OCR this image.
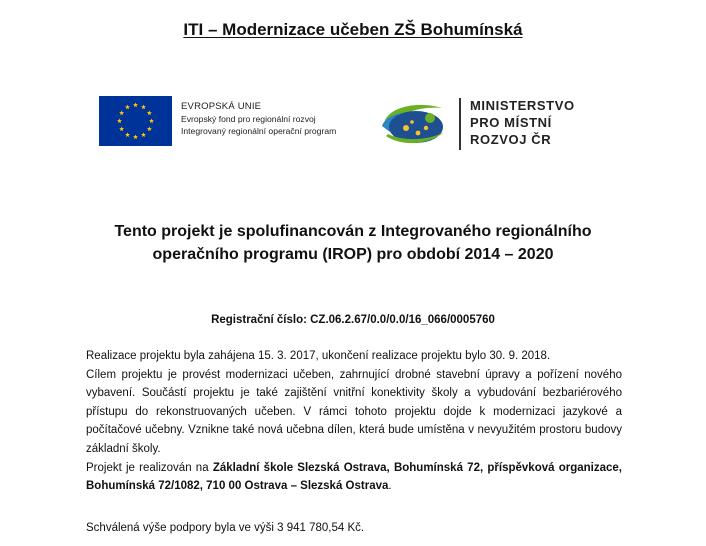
ITI – Modernizace učeben ZŠ Bohumínská
EVROPSKÁ UNIE
Evropský fond pro regionální rozvoj
Integrovaný regionální operační program
MINISTERSTVO
PRO MÍSTNÍ
ROZVOJ ČR
Tento projekt je spolufinancován z Integrovaného regionálního
operačního programu (IROP) pro období 2014 – 2020
Registrační číslo: CZ.06.2.67/0.0/0.0/16_066/0005760

Realizace projektu byla zahájena 15. 3. 2017, ukončení realizace projektu bylo 30. 9. 2018.

Cílem projektu je provést modernizaci učeben, zahrnující drobné stavební úpravy a pořízení nového vybavení. Součástí projektu je také zajištění vnitřní konektivity školy a vybudování bezbariérového přístupu do rekonstruovaných učeben. V rámci tohoto projektu dojde k modernizaci jazykové a počítačové učebny. Vznikne také nová učebna dílen, která bude umístěna v nevyužitém prostoru budovy základní školy.

Projekt je realizován na Základní škole Slezská Ostrava, Bohumínská 72, příspěvková organizace, Bohumínská 72/1082, 710 00 Ostrava – Slezská Ostrava.

Schválená výše podpory byla ve výši 3 941 780,54 Kč.
